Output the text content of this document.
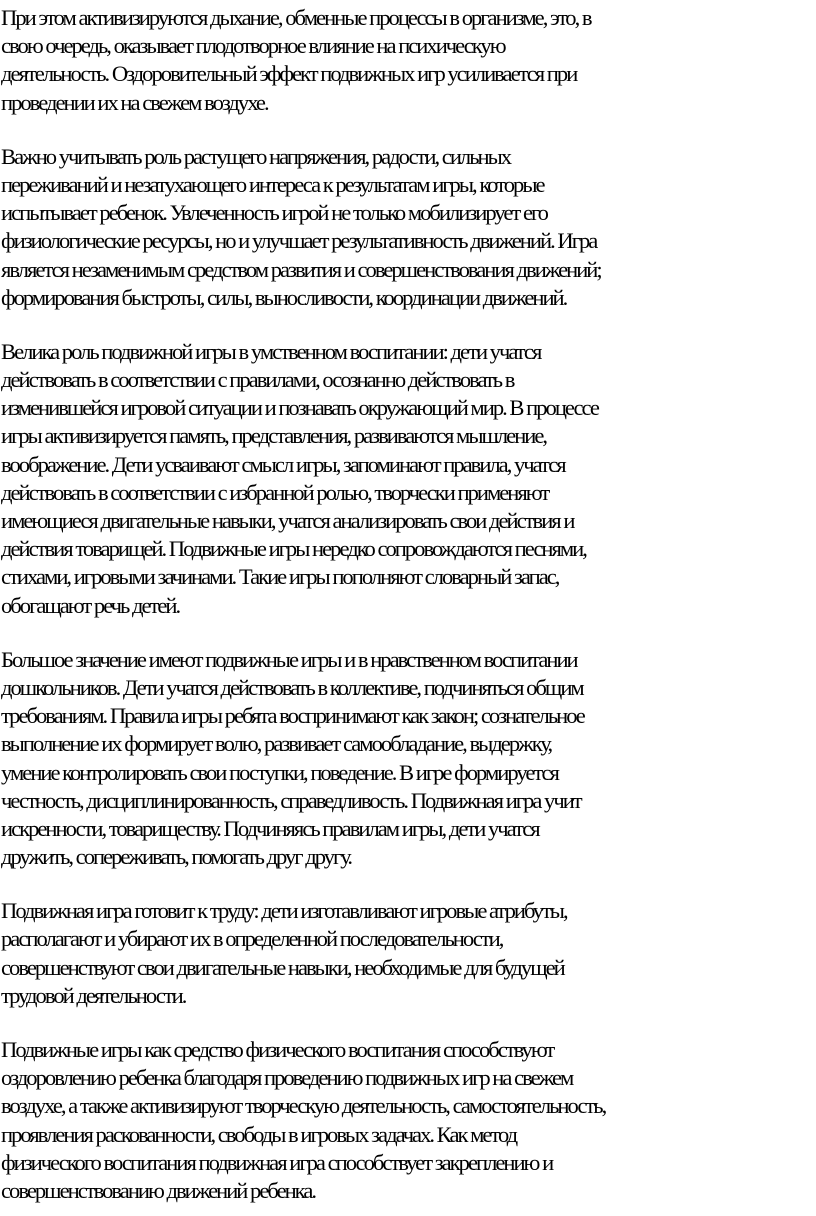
При этом активизируются дыхание, обменные процессы в организме, это, в
свою очередь, оказывает плодотворное влияние на психическую
деятельность. Оздоровительный эффект подвижных игр усиливается при
проведении их на свежем воздухе.

Важно учитывать роль растущего напряжения, радости, сильных
переживаний и незатухающего интереса к результатам игры, которые
испытывает ребенок. Увлеченность игрой не только мобилизирует его
физиологические ресурсы, но и улучшает результативность движений. Игра
является незаменимым средством развития и совершенствования движений;
формирования быстроты, силы, выносливости, координации движений.

Велика роль подвижной игры в умственном воспитании: дети учатся
действовать в соответствии с правилами, осознанно действовать в
изменившейся игровой ситуации и познавать окружающий мир. В процессе
игры активизируется память, представления, развиваются мышление,
воображение. Дети усваивают смысл игры, запоминают правила, учатся
действовать в соответствии с избранной ролью, творчески применяют
имеющиеся двигательные навыки, учатся анализировать свои действия и
действия товарищей. Подвижные игры нередко сопровождаются песнями,
стихами, игровыми зачинами. Такие игры пополняют словарный запас,
обогащают речь детей.

Большое значение имеют подвижные игры и в нравственном воспитании
дошкольников. Дети учатся действовать в коллективе, подчиняться общим
требованиям. Правила игры ребята воспринимают как закон; сознательное
выполнение их формирует волю, развивает самообладание, выдержку,
умение контролировать свои поступки, поведение. В игре формируется
честность, дисциплинированность, справедливость. Подвижная игра учит
искренности, товариществу. Подчиняясь правилам игры, дети учатся
дружить, сопереживать, помогать друг другу.

Подвижная игра готовит к труду: дети изготавливают игровые атрибуты,
располагают и убирают их в определенной последовательности,
совершенствуют свои двигательные навыки, необходимые для будущей
трудовой деятельности.

Подвижные игры как средство физического воспитания способствуют
оздоровлению ребенка благодаря проведению подвижных игр на свежем
воздухе, а также активизируют творческую деятельность, самостоятельность,
проявления раскованности, свободы в игровых задачах. Как метод
физического воспитания подвижная игра способствует закреплению и
совершенствованию движений ребенка.
